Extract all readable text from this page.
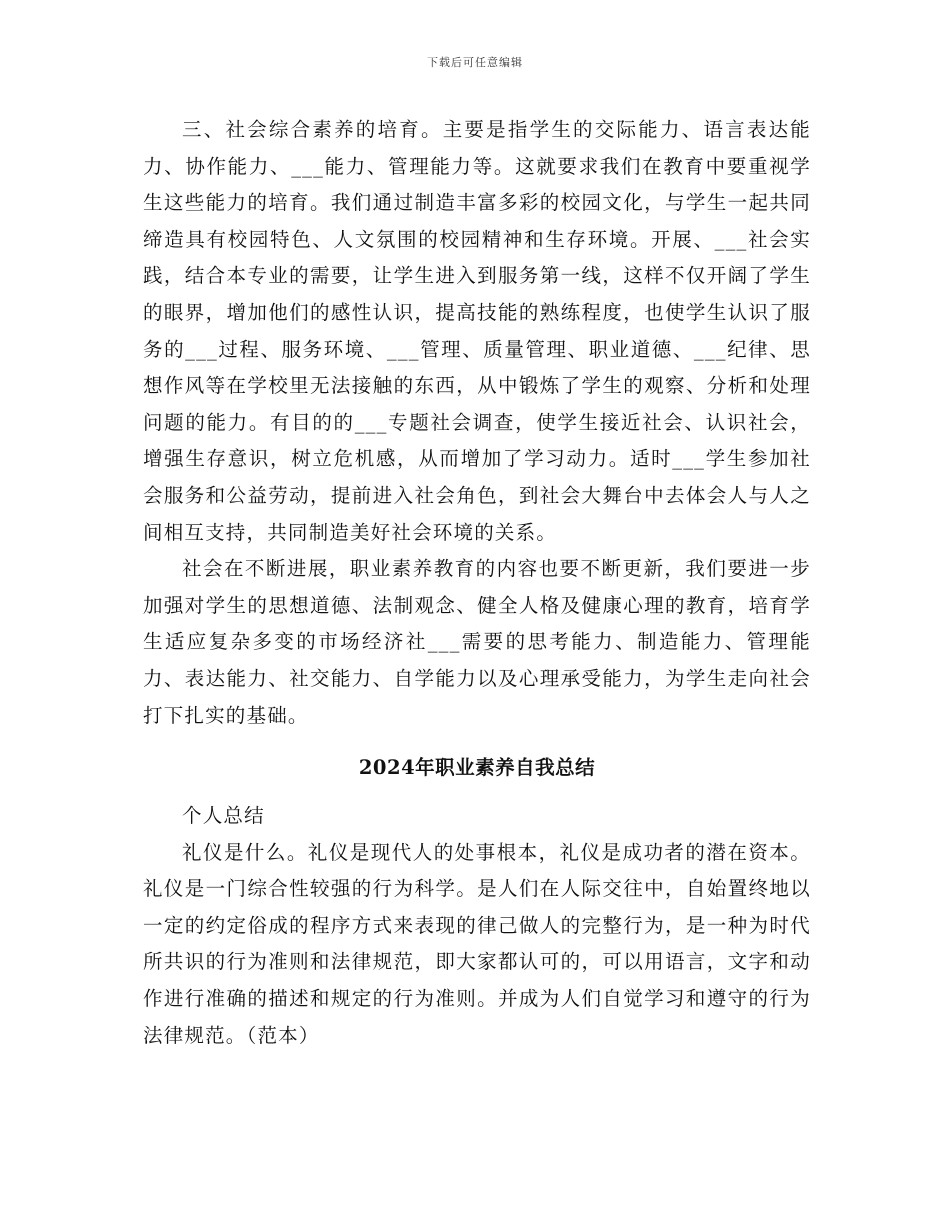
下载后可任意编辑

三、社会综合素养的培育。主要是指学生的交际能力、语言表达能力、协作能力、___能力、管理能力等。这就要求我们在教育中要重视学生这些能力的培育。我们通过制造丰富多彩的校园文化，与学生一起共同缔造具有校园特色、人文氛围的校园精神和生存环境。开展、___社会实践，结合本专业的需要，让学生进入到服务第一线，这样不仅开阔了学生的眼界，增加他们的感性认识，提高技能的熟练程度，也使学生认识了服务的___过程、服务环境、___管理、质量管理、职业道德、___纪律、思想作风等在学校里无法接触的东西，从中锻炼了学生的观察、分析和处理问题的能力。有目的的___专题社会调查，使学生接近社会、认识社会，增强生存意识，树立危机感，从而增加了学习动力。适时___学生参加社会服务和公益劳动，提前进入社会角色，到社会大舞台中去体会人与人之间相互支持，共同制造美好社会环境的关系。

社会在不断进展，职业素养教育的内容也要不断更新，我们要进一步加强对学生的思想道德、法制观念、健全人格及健康心理的教育，培育学生适应复杂多变的市场经济社___需要的思考能力、制造能力、管理能力、表达能力、社交能力、自学能力以及心理承受能力，为学生走向社会打下扎实的基础。

2024年职业素养自我总结

个人总结

礼仪是什么。礼仪是现代人的处事根本，礼仪是成功者的潜在资本。礼仪是一门综合性较强的行为科学。是人们在人际交往中，自始置终地以一定的约定俗成的程序方式来表现的律己做人的完整行为，是一种为时代所共识的行为准则和法律规范，即大家都认可的，可以用语言，文字和动作进行准确的描述和规定的行为准则。并成为人们自觉学习和遵守的行为法律规范。（范本）
